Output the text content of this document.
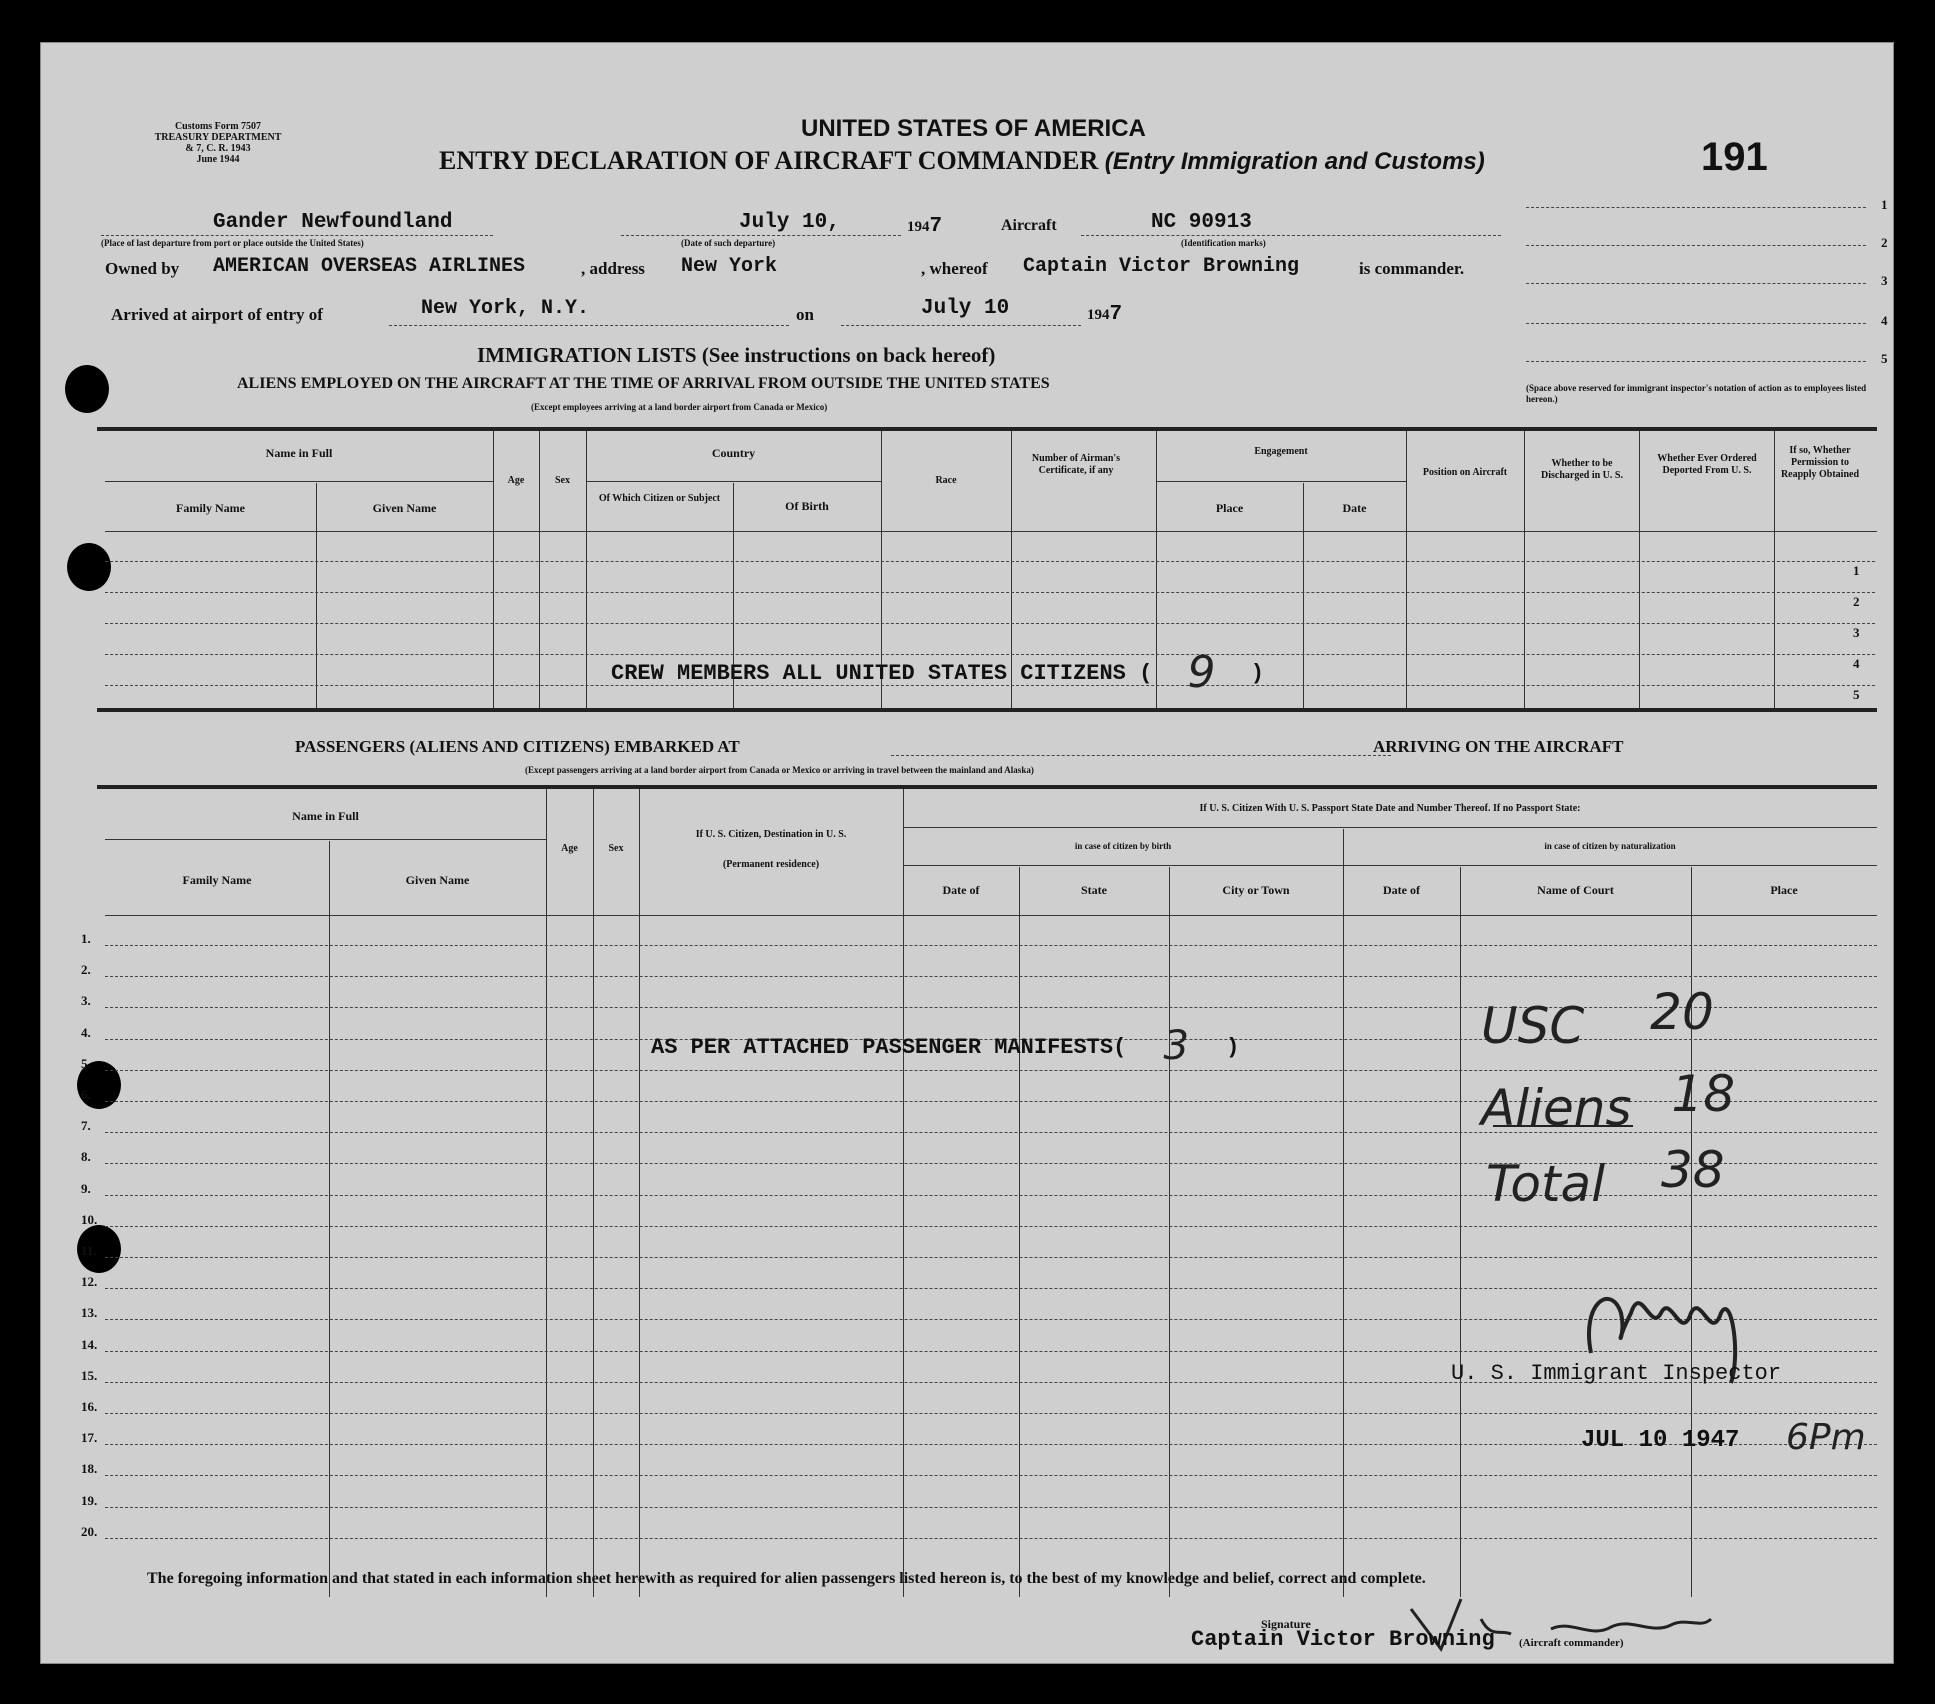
Customs Form 7507
TREASURY DEPARTMENT
& 7, C. R. 1943
June 1944
UNITED STATES OF AMERICA
ENTRY DECLARATION OF AIRCRAFT COMMANDER (Entry Immigration and Customs)	191
Gander Newfoundland
(Place of last departure from port or place outside the United States)
July 10,
(Date of such departure)
1947	Aircraft	NC 90913
(Identification marks)
Owned by AMERICAN OVERSEAS AIRLINES	, address New York	, whereof Captain Victor Browning	is commander.
Arrived at airport of entry of	New York, N.Y.	on	July 10	1947
1
2
3
4
5
(Space above reserved for immigrant inspector's notation of action as to employees listed hereon.)
IMMIGRATION LISTS (See instructions on back hereof)
ALIENS EMPLOYED ON THE AIRCRAFT AT THE TIME OF ARRIVAL FROM OUTSIDE THE UNITED STATES
(Except employees arriving at a land border airport from Canada or Mexico)
Name in Full
Family Name	Given Name
Age	Sex
Country
Of Which Citizen or Subject
Of Birth
Race
Number of Airman's Certificate, if any
Engagement
Place	Date
Position on Aircraft
Whether to be Discharged in U. S.
Whether Ever Ordered Deported From U. S.
If so, Whether Permission to Reapply Obtained
1
2
3
4
5
CREW MEMBERS ALL UNITED STATES CITIZENS ( 9 )
PASSENGERS (ALIENS AND CITIZENS) EMBARKED AT	ARRIVING ON THE AIRCRAFT
(Except passengers arriving at a land border airport from Canada or Mexico or arriving in travel between the mainland and Alaska)
Name in Full
Family Name	Given Name
Age	Sex
If U. S. Citizen, Destination in U. S.
(Permanent residence)
If U. S. Citizen With U. S. Passport State Date and Number Thereof. If no Passport State:
in case of citizen by birth	in case of citizen by naturalization
Date of	State	City or Town	Date of	Name of Court	Place
1.
2.
3.
4.
5.
6.
7.
8.
9.
10.
11.
12.
13.
14.
15.
16.
17.
18.
19.
20.
AS PER ATTACHED PASSENGER MANIFESTS( 3 )	USC 20
Aliens 18
Total 38
U. S. Immigrant Inspector
JUL 10 1947 6Pm
The foregoing information and that stated in each information sheet herewith as required for alien passengers listed hereon is, to the best of my knowledge and belief, correct and complete.
Signature
Captain Victor Browning (Aircraft commander)
